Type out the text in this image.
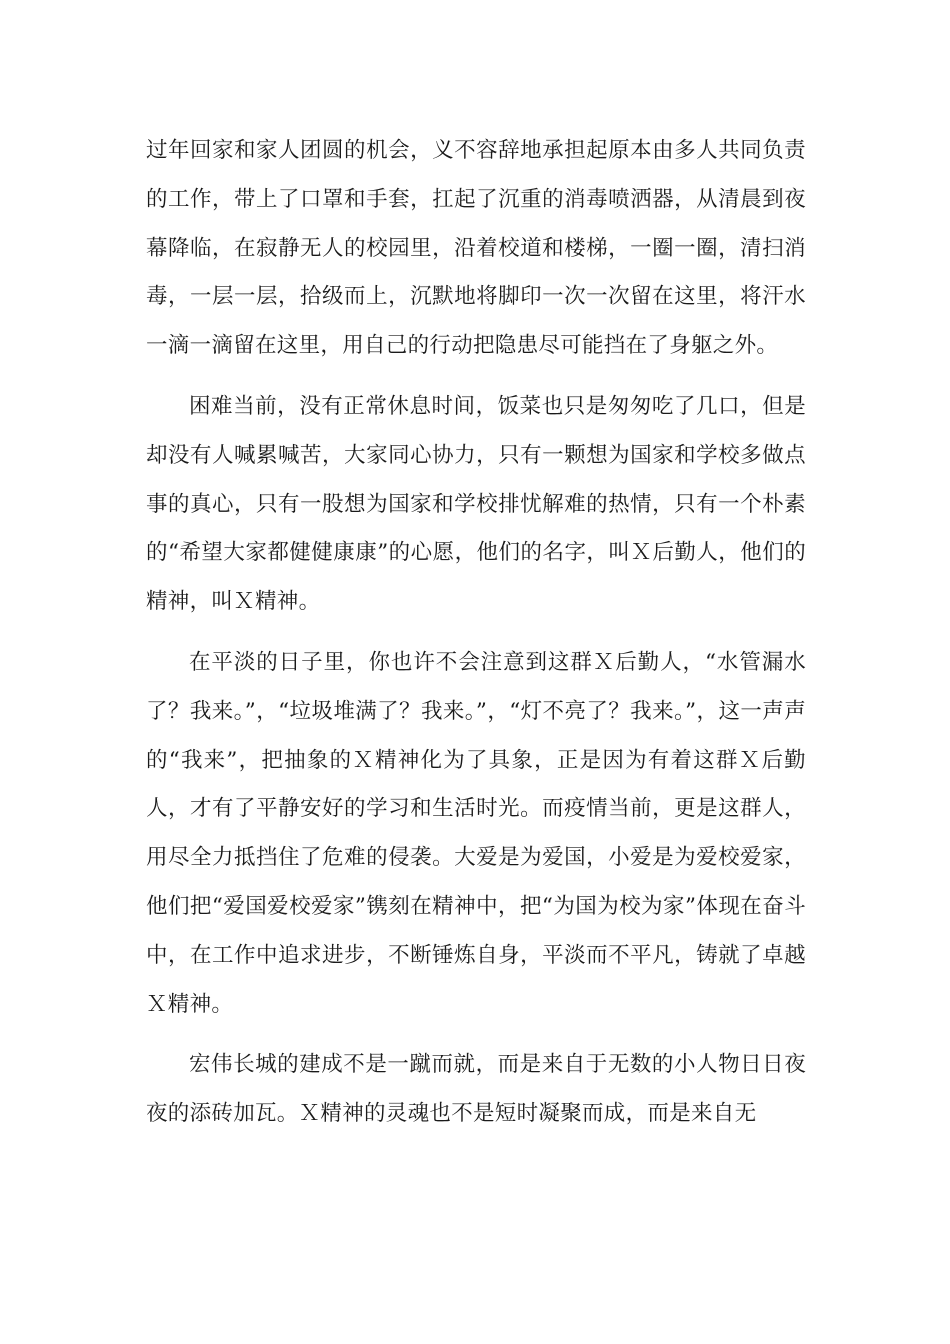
过年回家和家人团圆的机会，义不容辞地承担起原本由多人共同负责的工作，带上了口罩和手套，扛起了沉重的消毒喷洒器，从清晨到夜幕降临，在寂静无人的校园里，沿着校道和楼梯，一圈一圈，清扫消毒，一层一层，拾级而上，沉默地将脚印一次一次留在这里，将汗水一滴一滴留在这里，用自己的行动把隐患尽可能挡在了身躯之外。

困难当前，没有正常休息时间，饭菜也只是匆匆吃了几口，但是却没有人喊累喊苦，大家同心协力，只有一颗想为国家和学校多做点事的真心，只有一股想为国家和学校排忧解难的热情，只有一个朴素的“希望大家都健健康康”的心愿，他们的名字，叫Ｘ后勤人，他们的精神，叫Ｘ精神。

在平淡的日子里，你也许不会注意到这群Ｘ后勤人，“水管漏水了？我来。”，“垃圾堆满了？我来。”，“灯不亮了？我来。”，这一声声的“我来”，把抽象的Ｘ精神化为了具象，正是因为有着这群Ｘ后勤人，才有了平静安好的学习和生活时光。而疫情当前，更是这群人，用尽全力抵挡住了危难的侵袭。大爱是为爱国，小爱是为爱校爱家，他们把“爱国爱校爱家”镌刻在精神中，把“为国为校为家”体现在奋斗中，在工作中追求进步，不断锤炼自身，平淡而不平凡，铸就了卓越Ｘ精神。

宏伟长城的建成不是一蹴而就，而是来自于无数的小人物日日夜夜的添砖加瓦。Ｘ精神的灵魂也不是短时凝聚而成，而是来自无
